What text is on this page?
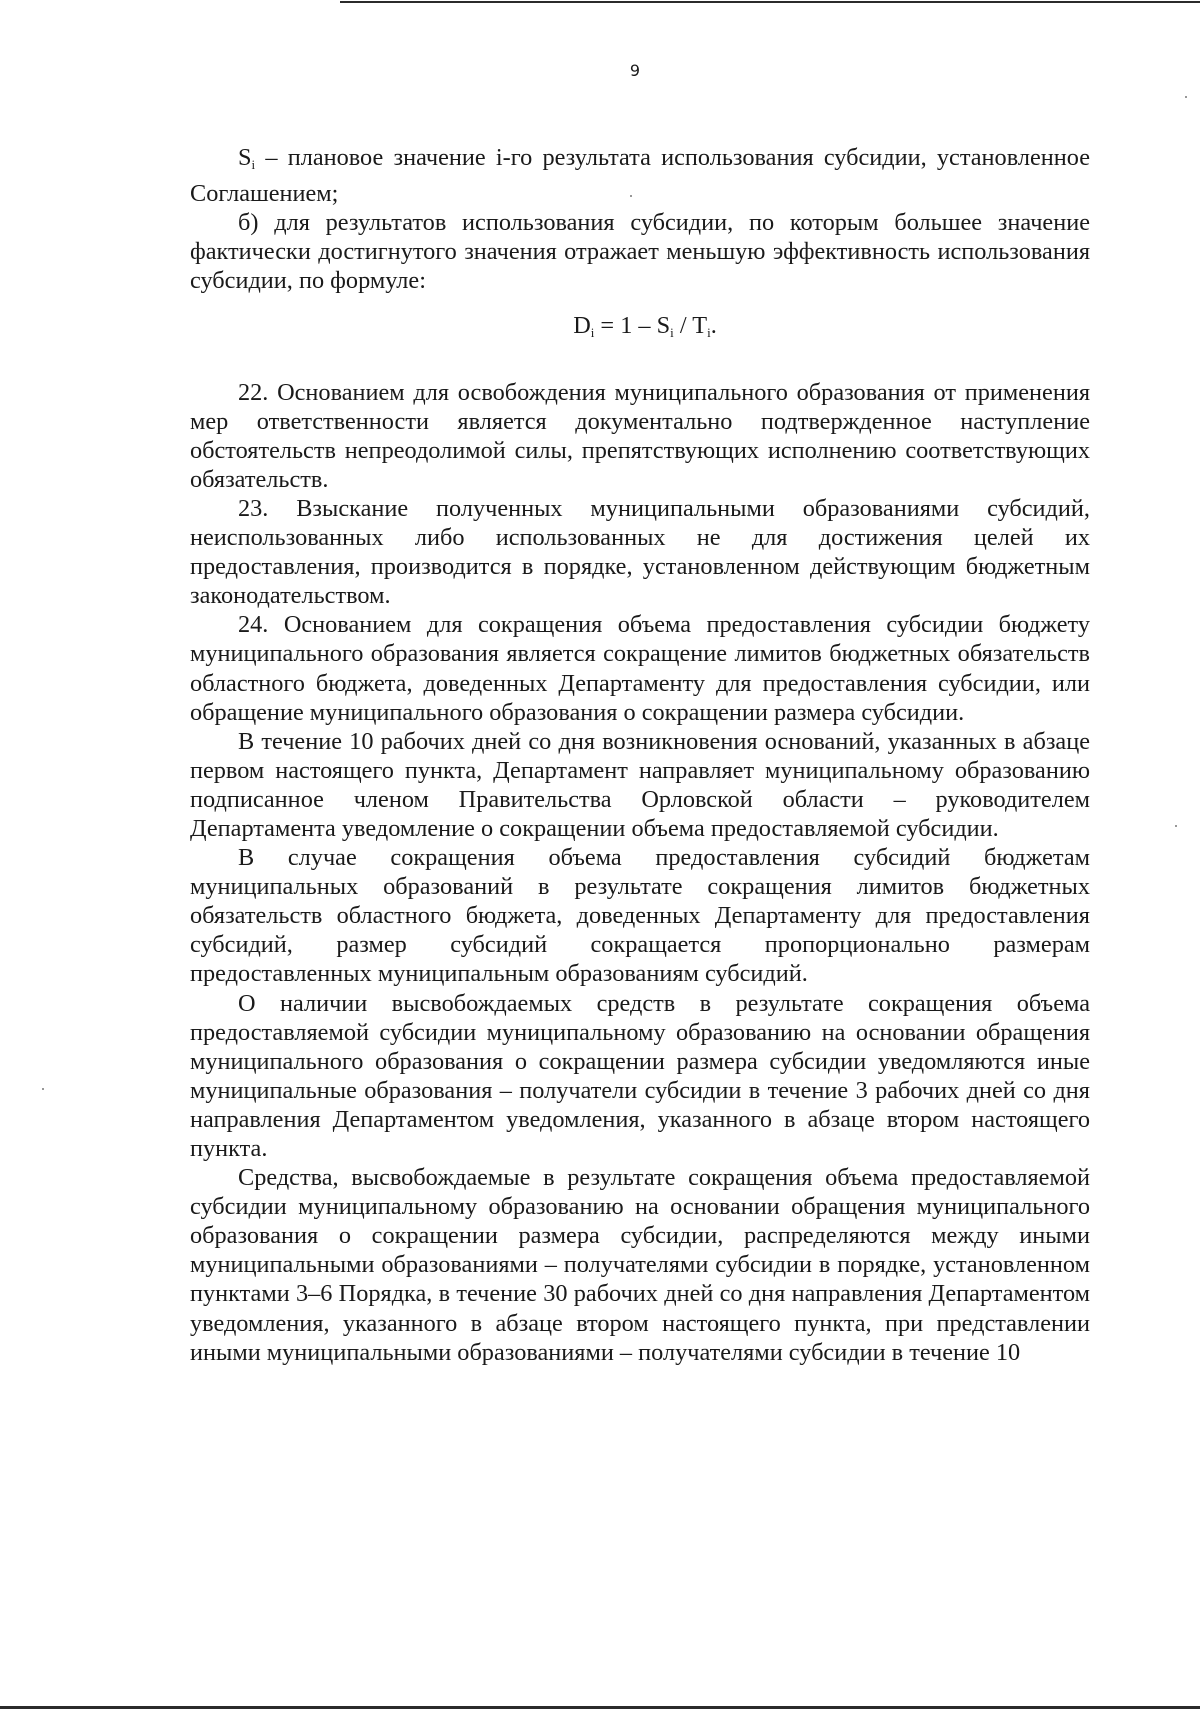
9

$S_i$ – плановое значение i-го результата использования субсидии, установленное Соглашением;

б) для результатов использования субсидии, по которым большее значение фактически достигнутого значения отражает меньшую эффективность использования субсидии, по формуле:

$D_i = 1 - S_i / T_i$.

22. Основанием для освобождения муниципального образования от применения мер ответственности является документально подтвержденное наступление обстоятельств непреодолимой силы, препятствующих исполнению соответствующих обязательств.

23. Взыскание полученных муниципальными образованиями субсидий, неиспользованных либо использованных не для достижения целей их предоставления, производится в порядке, установленном действующим бюджетным законодательством.

24. Основанием для сокращения объема предоставления субсидии бюджету муниципального образования является сокращение лимитов бюджетных обязательств областного бюджета, доведенных Департаменту для предоставления субсидии, или обращение муниципального образования о сокращении размера субсидии.

В течение 10 рабочих дней со дня возникновения оснований, указанных в абзаце первом настоящего пункта, Департамент направляет муниципальному образованию подписанное членом Правительства Орловской области – руководителем Департамента уведомление о сокращении объема предоставляемой субсидии.

В случае сокращения объема предоставления субсидий бюджетам муниципальных образований в результате сокращения лимитов бюджетных обязательств областного бюджета, доведенных Департаменту для предоставления субсидий, размер субсидий сокращается пропорционально размерам предоставленных муниципальным образованиям субсидий.

О наличии высвобождаемых средств в результате сокращения объема предоставляемой субсидии муниципальному образованию на основании обращения муниципального образования о сокращении размера субсидии уведомляются иные муниципальные образования – получатели субсидии в течение 3 рабочих дней со дня направления Департаментом уведомления, указанного в абзаце втором настоящего пункта.

Средства, высвобождаемые в результате сокращения объема предоставляемой субсидии муниципальному образованию на основании обращения муниципального образования о сокращении размера субсидии, распределяются между иными муниципальными образованиями – получателями субсидии в порядке, установленном пунктами 3–6 Порядка, в течение 30 рабочих дней со дня направления Департаментом уведомления, указанного в абзаце втором настоящего пункта, при представлении иными муниципальными образованиями – получателями субсидии в течение 10
